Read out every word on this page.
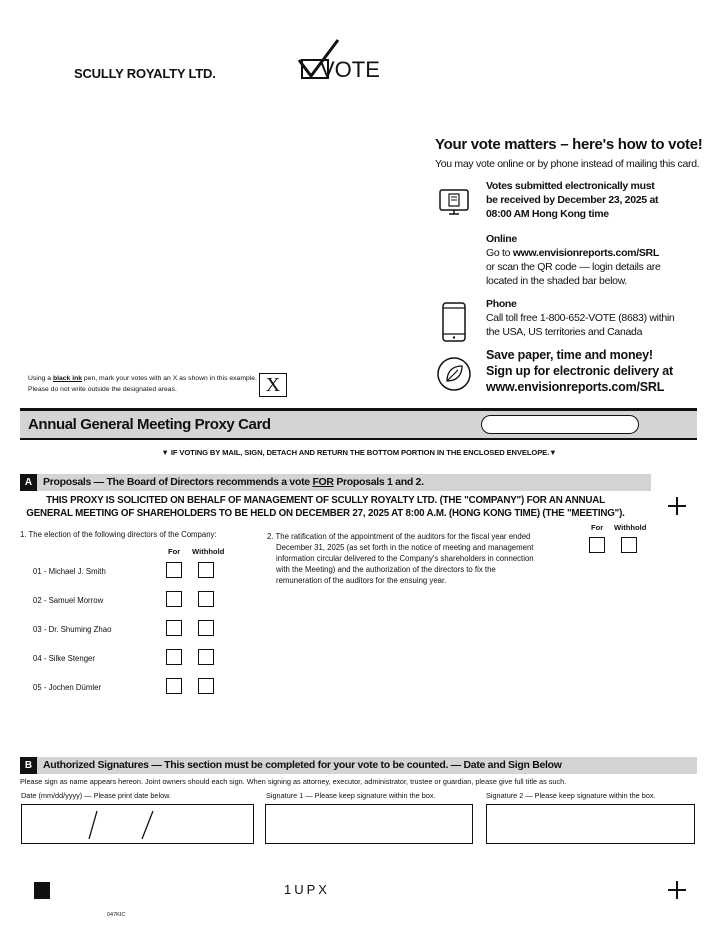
SCULLY ROYALTY LTD.	VOTE
Your vote matters – here's how to vote!
You may vote online or by phone instead of mailing this card.
Votes submitted electronically must
be received by December 23, 2025 at
08:00 AM Hong Kong time
Online
Go to www.envisionreports.com/SRL
or scan the QR code — login details are
located in the shaded bar below.
Phone
Call toll free 1-800-652-VOTE (8683) within
the USA, US territories and Canada
Save paper, time and money!
Sign up for electronic delivery at
www.envisionreports.com/SRL
Using a black ink pen, mark your votes with an X as shown in this example.
Please do not write outside the designated areas.	X
Annual General Meeting Proxy Card
▼ IF VOTING BY MAIL, SIGN, DETACH AND RETURN THE BOTTOM PORTION IN THE ENCLOSED ENVELOPE.▼
A	Proposals — The Board of Directors recommends a vote FOR Proposals 1 and 2.
THIS PROXY IS SOLICITED ON BEHALF OF MANAGEMENT OF SCULLY ROYALTY LTD. (THE "COMPANY") FOR AN ANNUAL
GENERAL MEETING OF SHAREHOLDERS TO BE HELD ON DECEMBER 27, 2025 AT 8:00 A.M. (HONG KONG TIME) (THE "MEETING").
1. The election of the following directors of the Company:
For Withhold
01 - Michael J. Smith
02 - Samuel Morrow
03 - Dr. Shuming Zhao
04 - Silke Stenger
05 - Jochen Dümler
2. The ratification of the appointment of the auditors for the fiscal year ended
December 31, 2025 (as set forth in the notice of meeting and management
information circular delivered to the Company's shareholders in connection
with the Meeting) and the authorization of the directors to fix the
remuneration of the auditors for the ensuing year.
For Withhold
B	Authorized Signatures — This section must be completed for your vote to be counted. — Date and Sign Below
Please sign as name appears hereon. Joint owners should each sign. When signing as attorney, executor, administrator, trustee or guardian, please give full title as such.
Date (mm/dd/yyyy) — Please print date below.	Signature 1 — Please keep signature within the box.	Signature 2 — Please keep signature within the box.
1UPX
047KIC
